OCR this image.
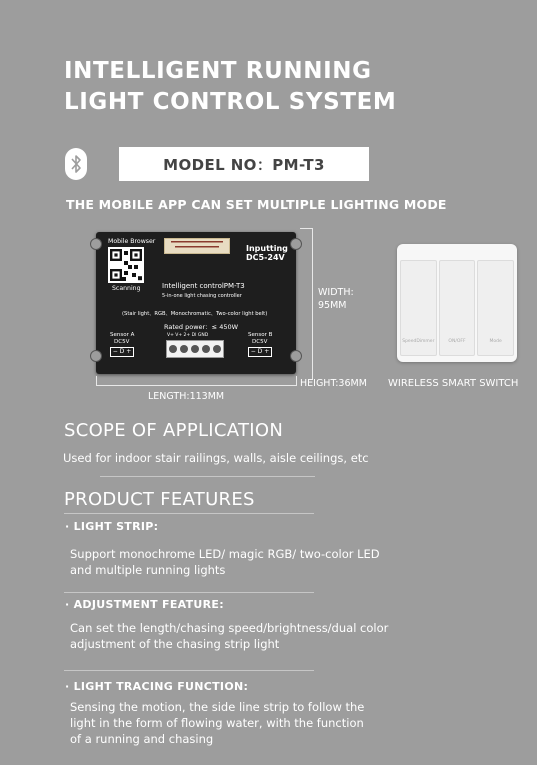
INTELLIGENT RUNNING
LIGHT CONTROL SYSTEM
MODEL NO：PM-T3
THE MOBILE APP CAN SET MULTIPLE LIGHTING MODE
Mobile Browser
Scanning
Inputting
DC5-24V
Intelligent controlPM-T3
5-in-one light chasing controller
(Stair light、RGB、Monochromatic、Two-color light belt)
Rated power：≤ 450W
V+ V+ 2+ DI GND
Sensor A
DC5V
− D +
Sensor B
DC5V
− D +
WIDTH:
95MM
HEIGHT:36MM
LENGTH:113MM
SpeedDimmer	ON/OFF	Mode
WIRELESS SMART SWITCH
SCOPE OF APPLICATION
Used for indoor stair railings, walls, aisle ceilings, etc
PRODUCT FEATURES
· LIGHT STRIP:
Support monochrome LED/ magic RGB/ two-color LED
and multiple running lights
· ADJUSTMENT FEATURE:
Can set the length/chasing speed/brightness/dual color
adjustment of the chasing strip light
· LIGHT TRACING FUNCTION:
Sensing the motion, the side line strip to follow the
light in the form of flowing water, with the function
of a running and chasing
